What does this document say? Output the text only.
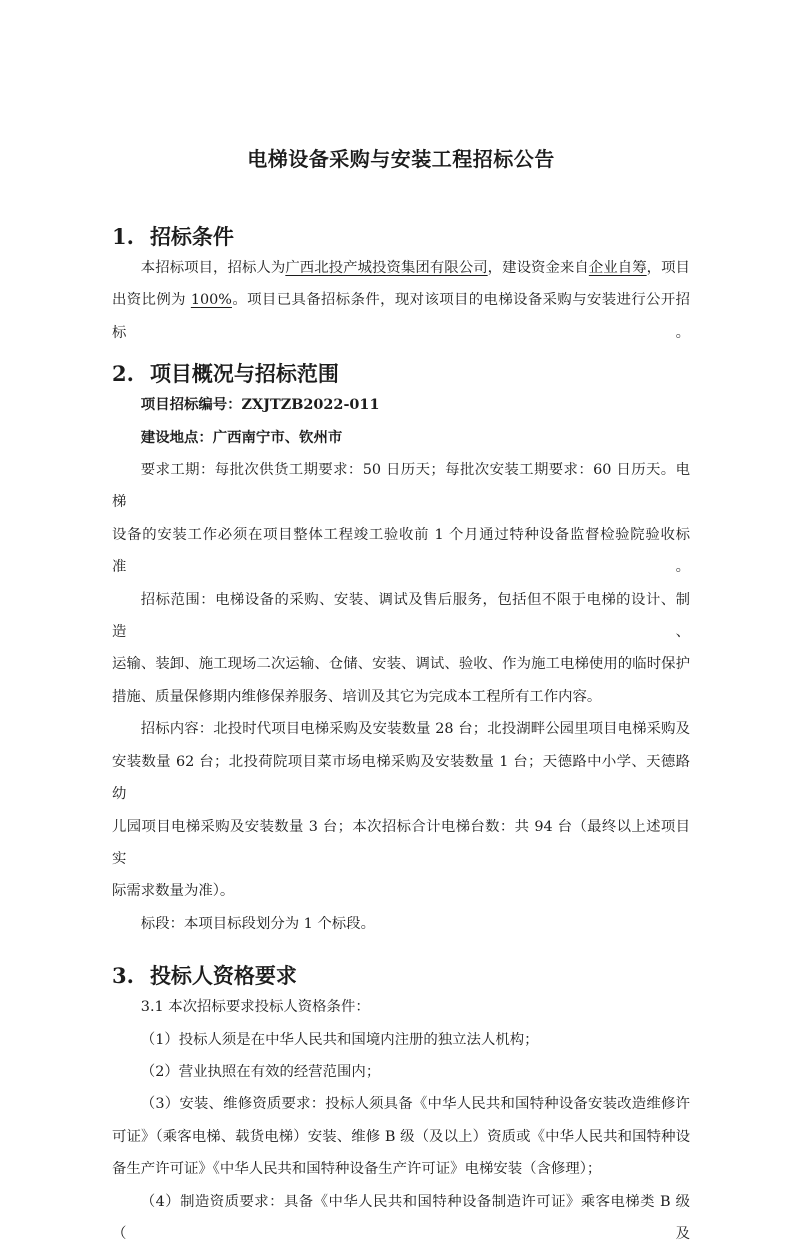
电梯设备采购与安装工程招标公告
1. 招标条件

本招标项目，招标人为广西北投产城投资集团有限公司，建设资金来自企业自筹，项目

出资比例为 100%。项目已具备招标条件，现对该项目的电梯设备采购与安装进行公开招标。

2. 项目概况与招标范围

项目招标编号：ZXJTZB2022-011

建设地点：广西南宁市、钦州市

要求工期：每批次供货工期要求：50 日历天；每批次安装工期要求：60 日历天。电梯

设备的安装工作必须在项目整体工程竣工验收前 1 个月通过特种设备监督检验院验收标准。

招标范围：电梯设备的采购、安装、调试及售后服务，包括但不限于电梯的设计、制造、

运输、装卸、施工现场二次运输、仓储、安装、调试、验收、作为施工电梯使用的临时保护

措施、质量保修期内维修保养服务、培训及其它为完成本工程所有工作内容。

招标内容：北投时代项目电梯采购及安装数量 28 台；北投湖畔公园里项目电梯采购及

安装数量 62 台；北投荷院项目菜市场电梯采购及安装数量 1 台；天德路中小学、天德路幼

儿园项目电梯采购及安装数量 3 台；本次招标合计电梯台数：共 94 台（最终以上述项目实

际需求数量为准）。

标段：本项目标段划分为 1 个标段。

3. 投标人资格要求

3.1 本次招标要求投标人资格条件：

（1）投标人须是在中华人民共和国境内注册的独立法人机构；

（2）营业执照在有效的经营范围内；

（3）安装、维修资质要求：投标人须具备《中华人民共和国特种设备安装改造维修许

可证》（乘客电梯、载货电梯）安装、维修 B 级（及以上）资质或《中华人民共和国特种设

备生产许可证》《中华人民共和国特种设备生产许可证》电梯安装（含修理）；

（4）制造资质要求：具备《中华人民共和国特种设备制造许可证》乘客电梯类 B 级（及
